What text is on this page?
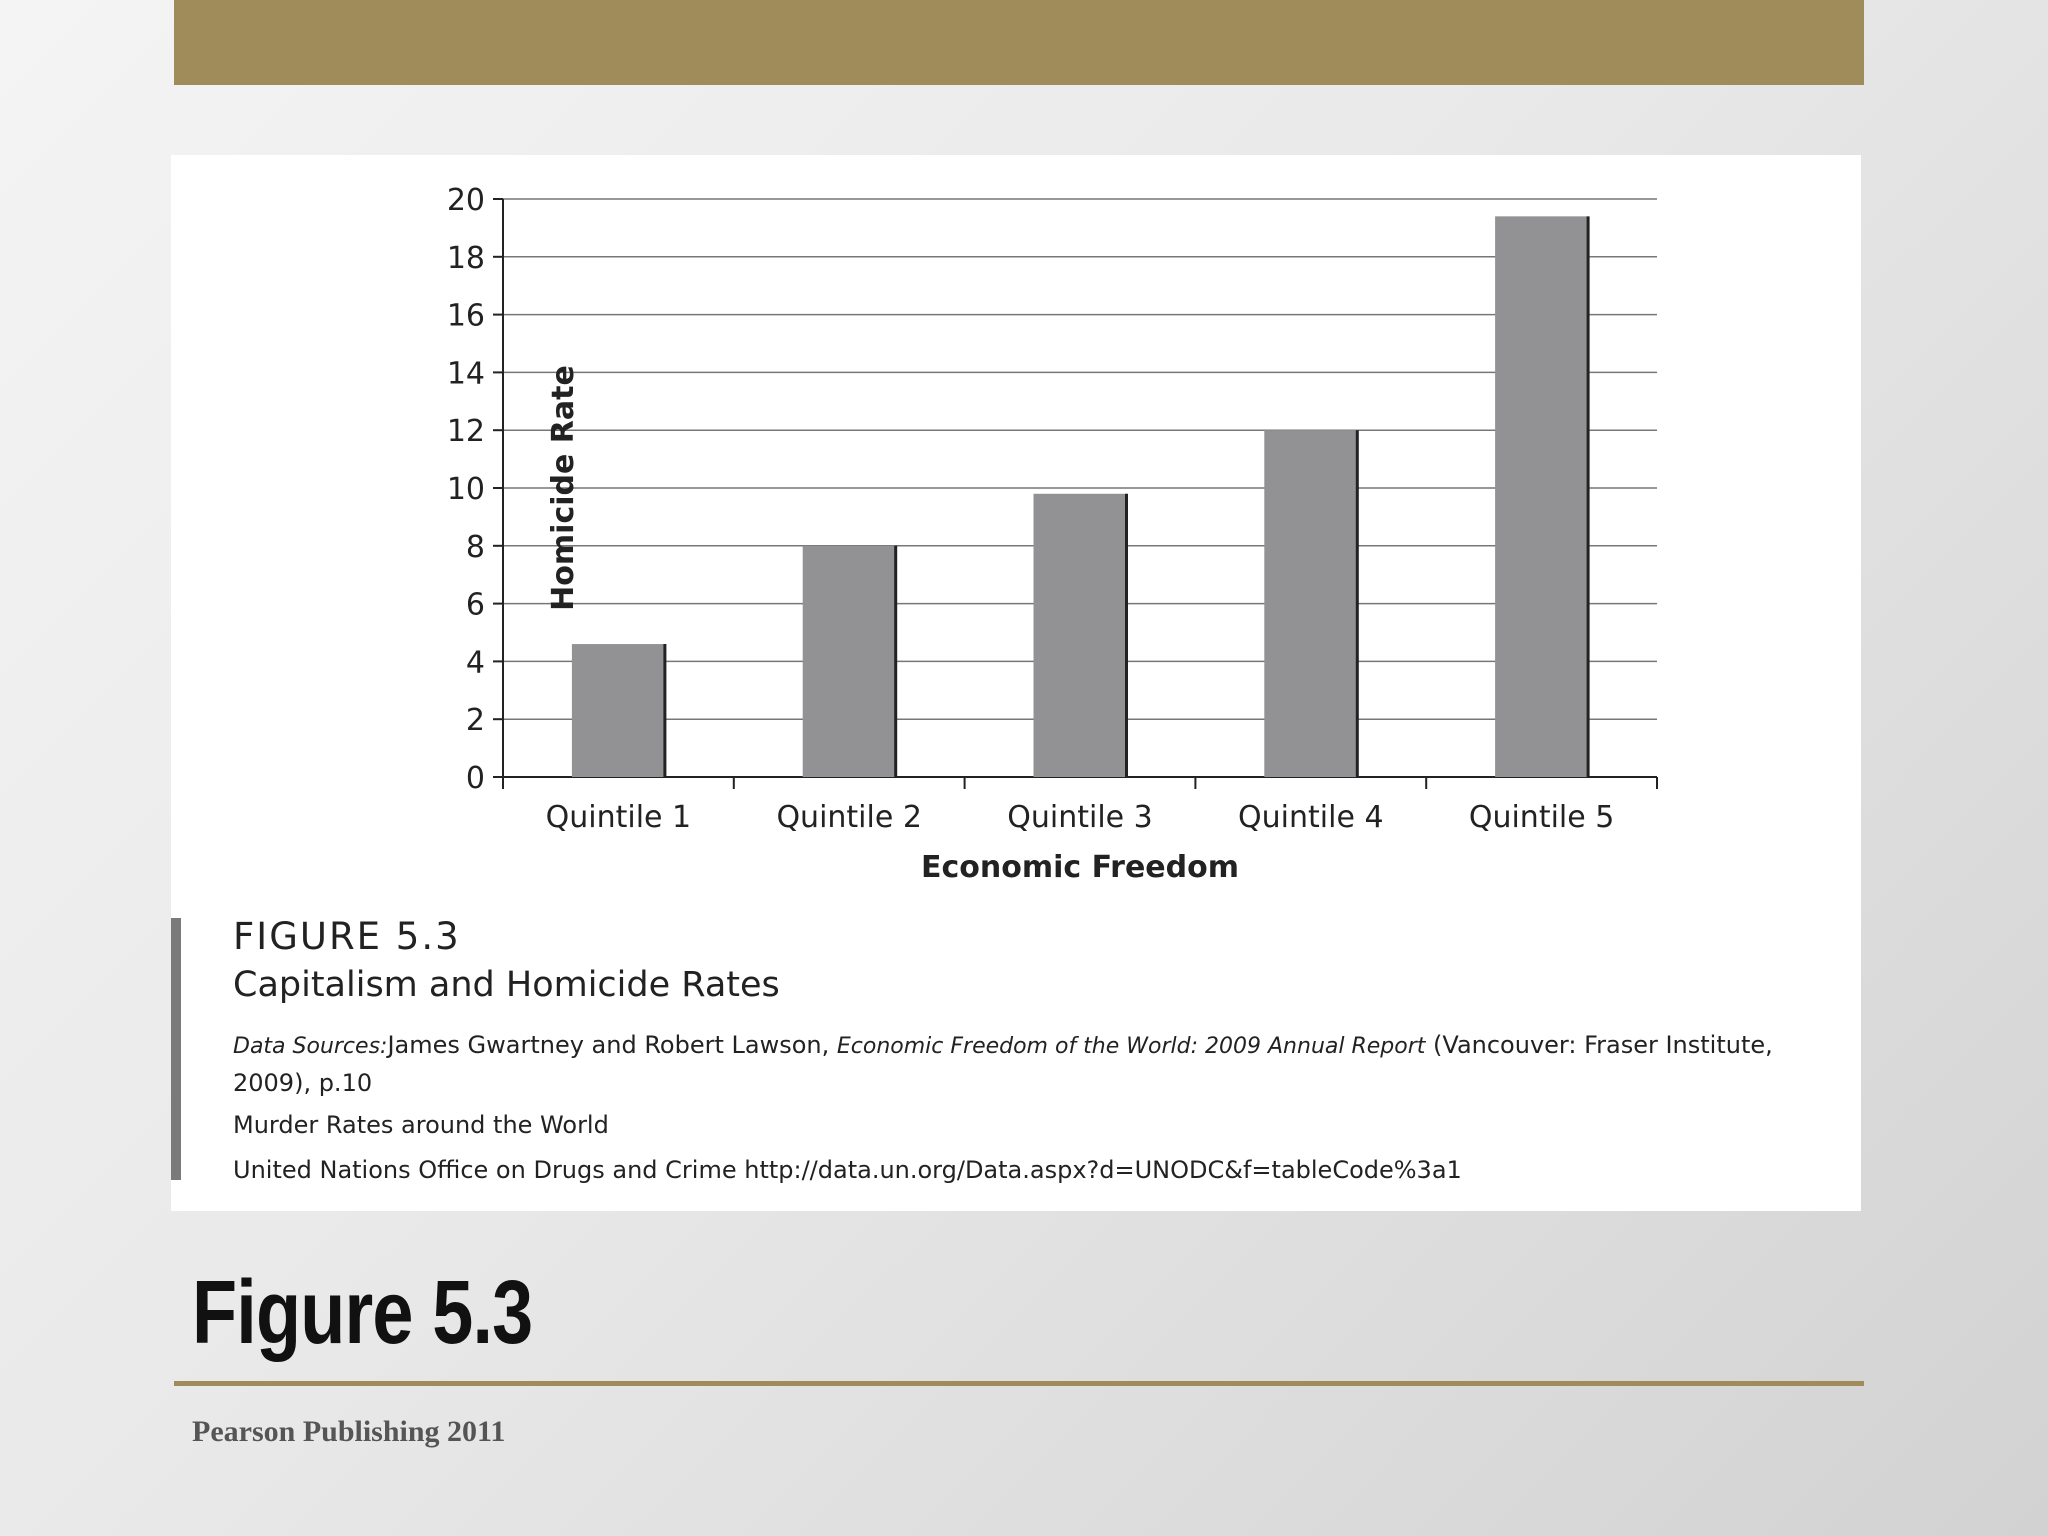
0
2
4
6
8
10
12
14
16
18
20
Quintile 1	Quintile 2	Quintile 3	Quintile 4	Quintile 5
Economic Freedom
Homicide Rate
FIGURE 5.3
Capitalism and Homicide Rates
Data Sources:James Gwartney and Robert Lawson, Economic Freedom of the World: 2009 Annual Report (Vancouver: Fraser Institute, 2009), p.10
Murder Rates around the World
United Nations Office on Drugs and Crime http://data.un.org/Data.aspx?d=UNODC&f=tableCode%3a1
Figure 5.3
Pearson Publishing 2011
